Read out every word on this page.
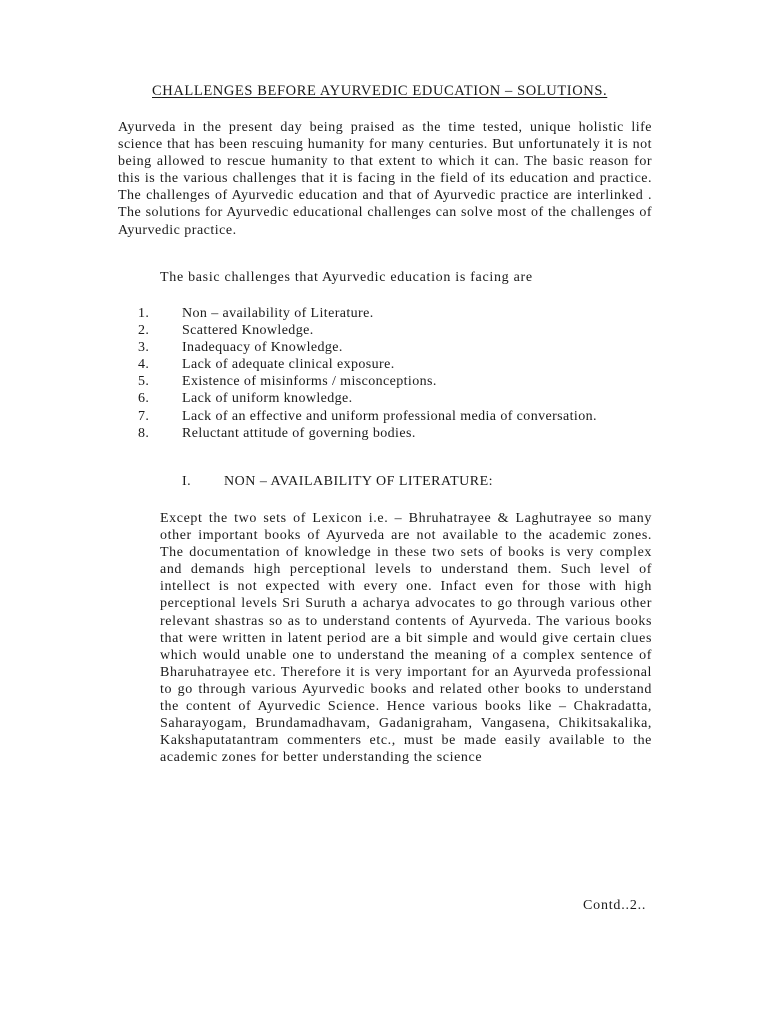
CHALLENGES BEFORE AYURVEDIC EDUCATION – SOLUTIONS.

Ayurveda in the present day being praised as the time tested, unique holistic life science that has been rescuing humanity for many centuries. But unfortunately it is not being allowed to rescue humanity to that extent to which it can. The basic reason for this is the various challenges that it is facing in the field of its education and practice. The challenges of Ayurvedic education and that of Ayurvedic practice are interlinked . The solutions for Ayurvedic educational challenges can solve most of the challenges of Ayurvedic practice.

The basic challenges that Ayurvedic education is facing are
1.	Non – availability of Literature.
2.	Scattered Knowledge.
3.	Inadequacy of Knowledge.
4.	Lack of adequate clinical exposure.
5.	Existence of misinforms / misconceptions.
6.	Lack of uniform knowledge.
7.	Lack of an effective and uniform professional media of conversation.
8.	Reluctant attitude of governing bodies.
I.	NON – AVAILABILITY OF LITERATURE:

Except the two sets of Lexicon i.e. – Bhruhatrayee & Laghutrayee so many other important books of Ayurveda are not available to the academic zones. The documentation of knowledge in these two sets of books is very complex and demands high perceptional levels to understand them. Such level of intellect is not expected with every one. Infact even for those with high perceptional levels Sri Suruth a acharya advocates to go through various other relevant shastras so as to understand contents of Ayurveda. The various books that were written in latent period are a bit simple and would give certain clues which would unable one to understand the meaning of a complex sentence of Bharuhatrayee etc. Therefore it is very important for an Ayurveda professional to go through various Ayurvedic books and related other books to understand the content of Ayurvedic Science. Hence various books like – Chakradatta, Saharayogam, Brundamadhavam, Gadanigraham, Vangasena, Chikitsakalika, Kakshaputatantram commenters etc., must be made easily available to the academic zones for better understanding the science

Contd..2..
